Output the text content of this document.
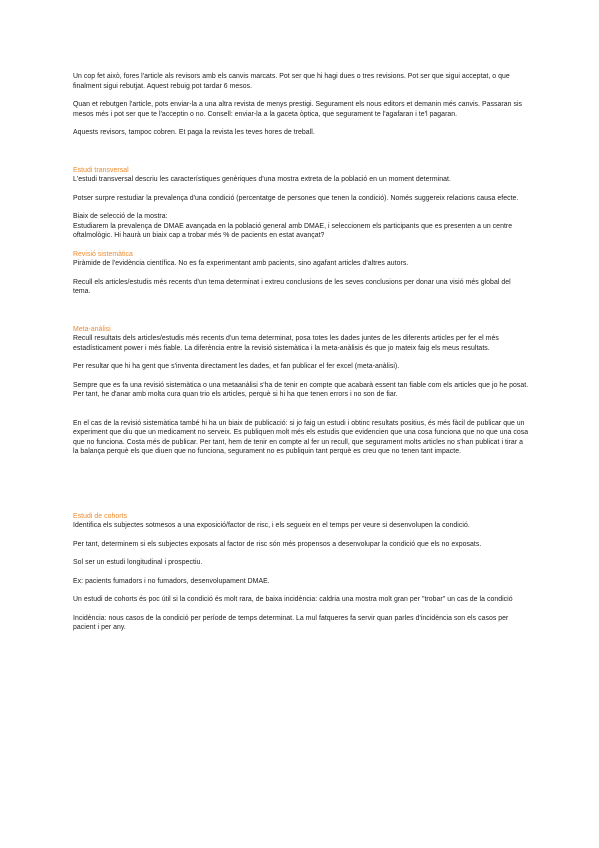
Un cop fet això, fores l'article als revisors amb els canvis marcats. Pot ser que hi hagi dues o tres revisions. Pot ser que sigui acceptat, o que finalment sigui rebutjat. Aquest rebuig pot tardar 6 mesos.

Quan et rebutgen l'article, pots enviar-la a una altra revista de menys prestigi. Segurament els nous editors et demanin més canvis. Passaran sis mesos més i pot ser que te l'acceptin o no. Consell: enviar-la a la gaceta òptica, que segurament te l'agafaran i te'l pagaran.

Aquests revisors, tampoc cobren. Et paga la revista les teves hores de treball.

Estudi transversal

L'estudi transversal descriu les característiques genèriques d'una mostra extreta de la població en un moment determinat.

Potser surpre restudiar la prevalença d'una condició (percentatge de persones que tenen la condició). Només suggereix relacions causa efecte.

Biaix de selecció de la mostra:

Estudiarem la prevalença de DMAE avançada en la població general amb DMAE, i seleccionem els participants que es presenten a un centre oftalmològic. Hi haurà un biaix cap a trobar més % de pacients en estat avançat?

Revisió sistemàtica

Piràmide de l'evidència científica. No es fa experimentant amb pacients, sino agafant articles d'altres autors.

Recull els articles/estudis més recents d'un tema determinat i extreu conclusions de les seves conclusions per donar una visió més global del tema.

Meta-anàlisi

Recull resultats dels articles/estudis més recents d'un tema determinat, posa totes les dades juntes de les diferents articles per fer el més estadísticament power i més fiable. La diferència entre la revisió sistemàtica i la meta-anàlisis és que jo mateix faig els meus resultats.

Per resultar que hi ha gent que s'inventa directament les dades, et fan publicar el fer excel (meta-anàlisi).

Sempre que es fa una revisió sistemàtica o una metaanàlisi s'ha de tenir en compte que acabarà essent tan fiable com els articles que jo he posat. Per tant, he d'anar amb molta cura quan trio els articles, perquè si hi ha que tenen errors i no son de fiar.

En el cas de la revisió sistemàtica també hi ha un biaix de publicació: si jo faig un estudi i obtinc resultats positius, és més fàcil de publicar que un experiment que diu que un medicament no serveix. Es publiquen molt més els estudis que evidencien que una cosa funciona que no que una cosa que no funciona. Costa més de publicar. Per tant, hem de tenir en compte al fer un recull, que segurament molts articles no s'han publicat i tirar a la balança perquè els que diuen que no funciona, segurament no es publiquin tant perquè es creu que no tenen tant impacte.

Estudi de cohorts

Identifica els subjectes sotmesos a una exposició/factor de risc, i els segueix en el temps per veure si desenvolupen la condició.

Per tant, determinem si els subjectes exposats al factor de risc són més propensos a desenvolupar la condició que els no exposats.

Sol ser un estudi longitudinal i prospectiu.

Ex: pacients fumadors i no fumadors, desenvolupament DMAE.

Un estudi de cohorts és poc útil si la condició és molt rara, de baixa incidència: caldria una mostra molt gran per "trobar" un cas de la condició

Incidència: nous casos de la condició per període de temps determinat. La mul fatqueres fa servir quan parles d'incidència son els casos per pacient i per any.
